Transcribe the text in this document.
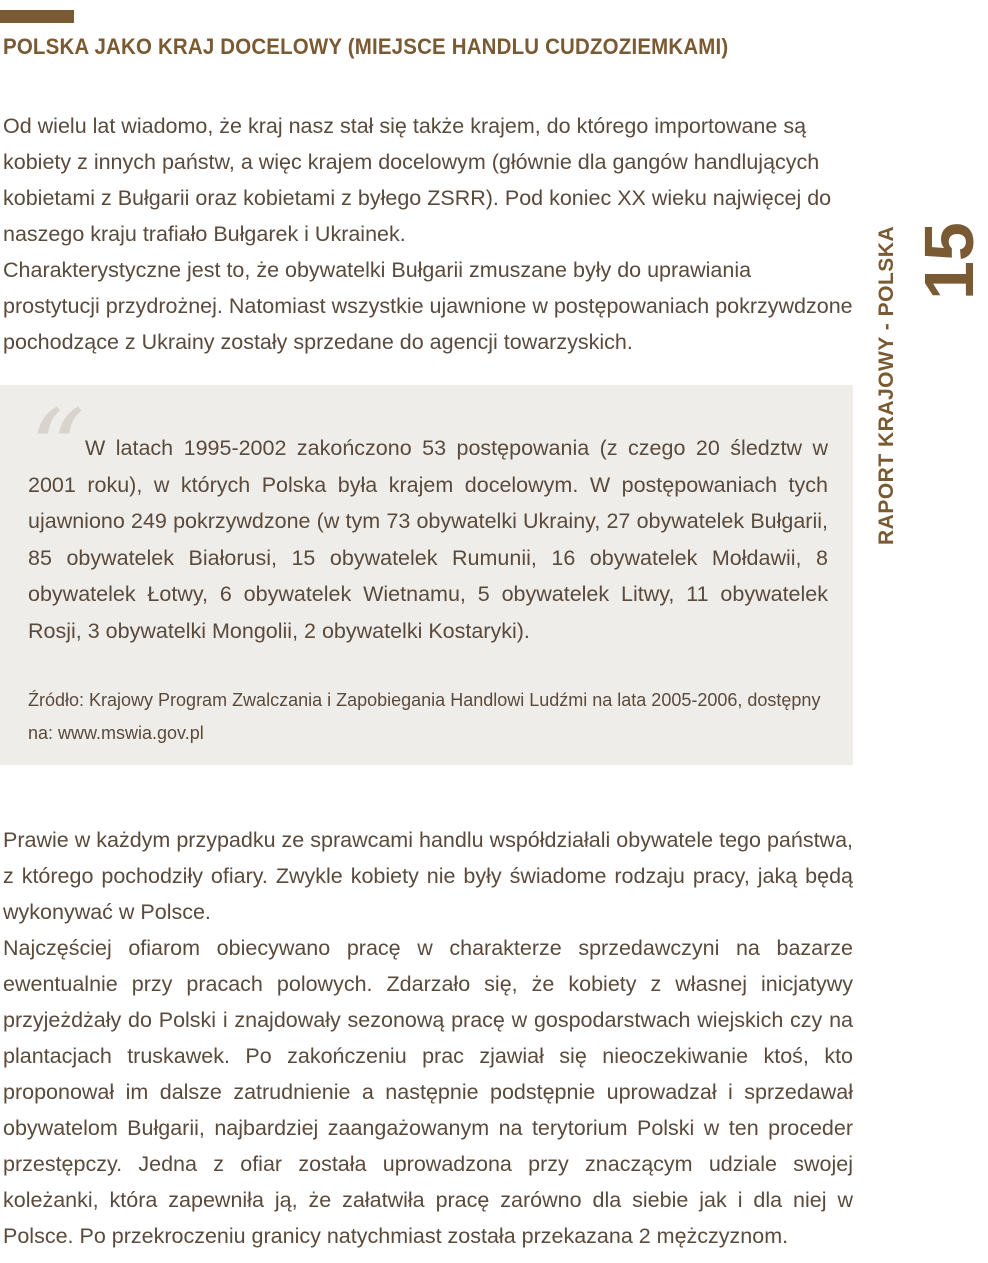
POLSKA JAKO KRAJ DOCELOWY (MIEJSCE HANDLU CUDZOZIEMKAMI)

Od wielu lat wiadomo, że kraj nasz stał się także krajem, do którego importowane są kobiety z innych państw, a więc krajem docelowym (głównie dla gangów handlujących kobietami z Bułgarii oraz kobietami z byłego ZSRR). Pod koniec XX wieku najwięcej do naszego kraju trafiało Bułgarek i Ukrainek.

Charakterystyczne jest to, że obywatelki Bułgarii zmuszane były do uprawiania prostytucji przydrożnej. Natomiast wszystkie ujawnione w postępowaniach pokrzywdzone pochodzące z Ukrainy zostały sprzedane do agencji towarzyskich.

“ W latach 1995-2002 zakończono 53 postępowania (z czego 20 śledztw w 2001 roku), w których Polska była krajem docelowym. W postępowaniach tych ujawniono 249 pokrzywdzone (w tym 73 obywatelki Ukrainy, 27 obywatelek Bułgarii, 85 obywatelek Białorusi, 15 obywatelek Rumunii, 16 obywatelek Mołdawii, 8 obywatelek Łotwy, 6 obywatelek Wietnamu, 5 obywatelek Litwy, 11 obywatelek Rosji, 3 obywatelki Mongolii, 2 obywatelki Kostaryki).

Źródło: Krajowy Program Zwalczania i Zapobiegania Handlowi Ludźmi na lata 2005-2006, dostępny na: www.mswia.gov.pl

Prawie w każdym przypadku ze sprawcami handlu współdziałali obywatele tego państwa, z którego pochodziły ofiary. Zwykle kobiety nie były świadome rodzaju pracy, jaką będą wykonywać w Polsce.

Najczęściej ofiarom obiecywano pracę w charakterze sprzedawczyni na bazarze ewentualnie przy pracach polowych. Zdarzało się, że kobiety z własnej inicjatywy przyjeżdżały do Polski i znajdowały sezonową pracę w gospodarstwach wiejskich czy na plantacjach truskawek. Po zakończeniu prac zjawiał się nieoczekiwanie ktoś, kto proponował im dalsze zatrudnienie a następnie podstępnie uprowadzał i sprzedawał obywatelom Bułgarii, najbardziej zaangażowanym na terytorium Polski w ten proceder przestępczy. Jedna z ofiar została uprowadzona przy znaczącym udziale swojej koleżanki, która zapewniła ją, że załatwiła pracę zarówno dla siebie jak i dla niej w Polsce. Po przekroczeniu granicy natychmiast została przekazana 2 mężczyznom.

RAPORT KRAJOWY - POLSKA 15
